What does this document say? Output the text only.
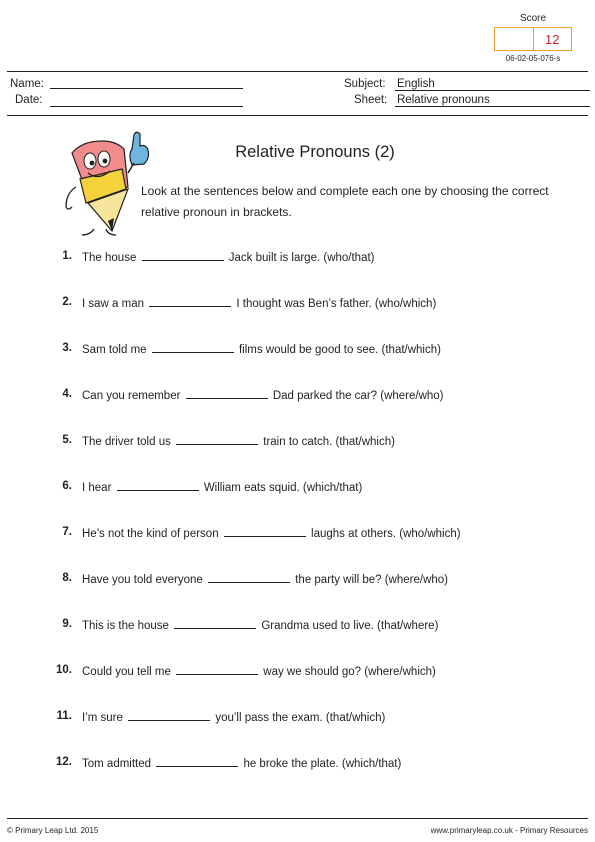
Score
12
06-02-05-076-s
Name:
Date:
Subject: English
Sheet: Relative pronouns
Relative Pronouns (2)
Look at the sentences below and complete each one by choosing the correct relative pronoun in brackets.
1. The house	Jack built is large. (who/that)
2. I saw a man	I thought was Ben’s father. (who/which)
3. Sam told me	films would be good to see. (that/which)
4. Can you remember	Dad parked the car? (where/who)
5. The driver told us	train to catch. (that/which)
6. I hear	William eats squid. (which/that)
7. He’s not the kind of person	laughs at others. (who/which)
8. Have you told everyone	the party will be? (where/who)
9. This is the house	Grandma used to live. (that/where)
10. Could you tell me	way we should go? (where/which)
11. I’m sure	you’ll pass the exam. (that/which)
12. Tom admitted	he broke the plate. (which/that)
© Primary Leap Ltd. 2015	www.primaryleap.co.uk - Primary Resources
